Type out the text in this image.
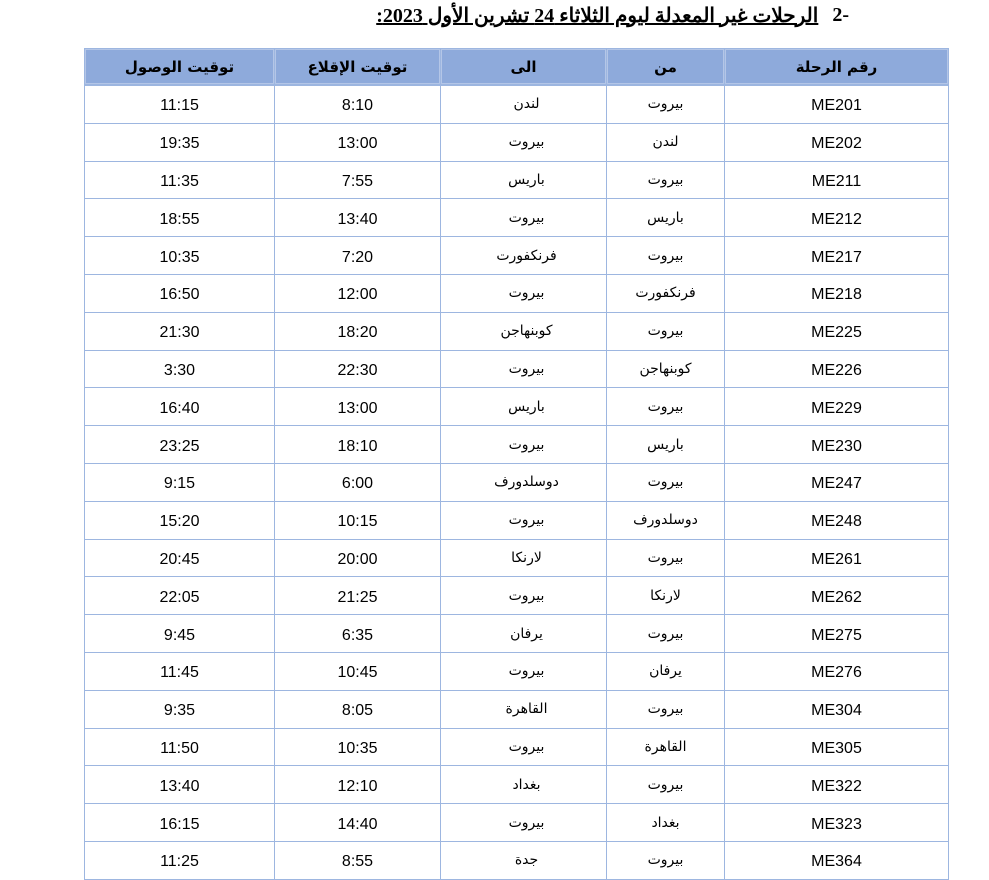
-2
الرحلات غير المعدلة ليوم الثلاثاء 24 تشرين الأول 2023:
توقيت الوصول	توقيت الإقلاع	الى	من	رقم الرحلة
11:15	8:10	لندن	بيروت	ME201
19:35	13:00	بيروت	لندن	ME202
11:35	7:55	باريس	بيروت	ME211
18:55	13:40	بيروت	باريس	ME212
10:35	7:20	فرنكفورت	بيروت	ME217
16:50	12:00	بيروت	فرنكفورت	ME218
21:30	18:20	كوبنهاجن	بيروت	ME225
3:30	22:30	بيروت	كوبنهاجن	ME226
16:40	13:00	باريس	بيروت	ME229
23:25	18:10	بيروت	باريس	ME230
9:15	6:00	دوسلدورف	بيروت	ME247
15:20	10:15	بيروت	دوسلدورف	ME248
20:45	20:00	لارنكا	بيروت	ME261
22:05	21:25	بيروت	لارنكا	ME262
9:45	6:35	يرفان	بيروت	ME275
11:45	10:45	بيروت	يرفان	ME276
9:35	8:05	القاهرة	بيروت	ME304
11:50	10:35	بيروت	القاهرة	ME305
13:40	12:10	بغداد	بيروت	ME322
16:15	14:40	بيروت	بغداد	ME323
11:25	8:55	جدة	بيروت	ME364
